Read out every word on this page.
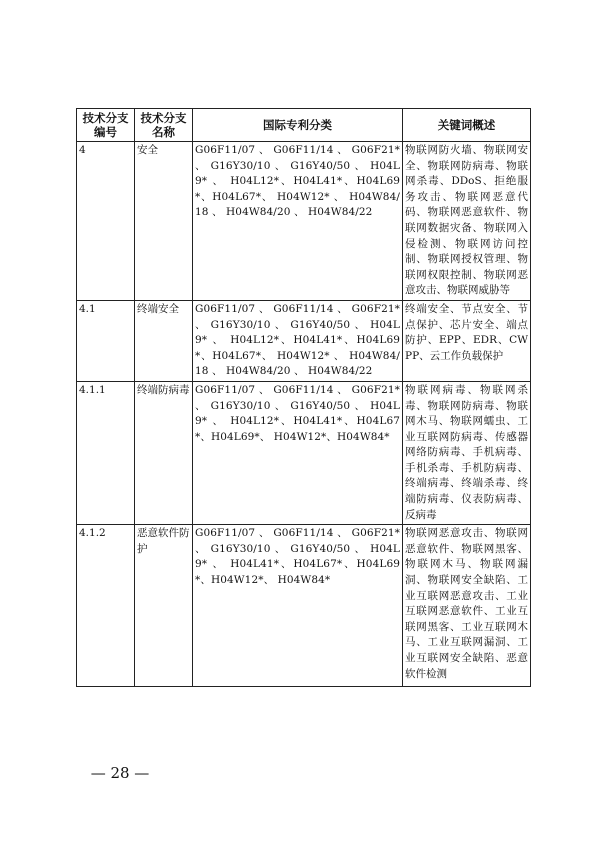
技术分支编号	技术分支名称	国际专利分类	关键词概述
4	安全	G06F11/07 、 G06F11/14 、 G06F21* 、 G16Y30/10 、 G16Y40/50 、 H04L9* 、 H04L12*、H04L41*、H04L69*、H04L67*、 H04W12* 、 H04W84/18 、 H04W84/20 、 H04W84/22	物联网防火墙、物联网安全、物联网防病毒、物联网杀毒、DDoS、拒绝服务攻击、物联网恶意代码、物联网恶意软件、物联网数据灾备、物联网入侵检测、物联网访问控制、物联网授权管理、物联网权限控制、物联网恶意攻击、物联网威胁等
4.1	终端安全	G06F11/07 、 G06F11/14 、 G06F21* 、 G16Y30/10 、 G16Y40/50 、 H04L9* 、 H04L12*、H04L41*、H04L69*、H04L67*、 H04W12* 、 H04W84/18 、 H04W84/20 、 H04W84/22	终端安全、节点安全、节点保护、芯片安全、端点防护、EPP、EDR、CWPP、云工作负载保护
4.1.1	终端防病毒	G06F11/07 、 G06F11/14 、 G06F21* 、 G16Y30/10 、 G16Y40/50 、 H04L9* 、 H04L12*、H04L41*、H04L67*、H04L69*、 H04W12*、H04W84*	物联网病毒、物联网杀毒、物联网防病毒、物联网木马、物联网蠕虫、工业互联网防病毒、传感器网络防病毒、手机病毒、手机杀毒、手机防病毒、终端病毒、终端杀毒、终端防病毒、仪表防病毒、反病毒
4.1.2	恶意软件防护	G06F11/07 、 G06F11/14 、 G06F21* 、 G16Y30/10 、 G16Y40/50 、 H04L9* 、 H04L41*、H04L67*、H04L69*、H04W12*、 H04W84*	物联网恶意攻击、物联网恶意软件、物联网黑客、物联网木马、物联网漏洞、物联网安全缺陷、工业互联网恶意攻击、工业互联网恶意软件、工业互联网黑客、工业互联网木马、工业互联网漏洞、工业互联网安全缺陷、恶意软件检测
— 28 —
